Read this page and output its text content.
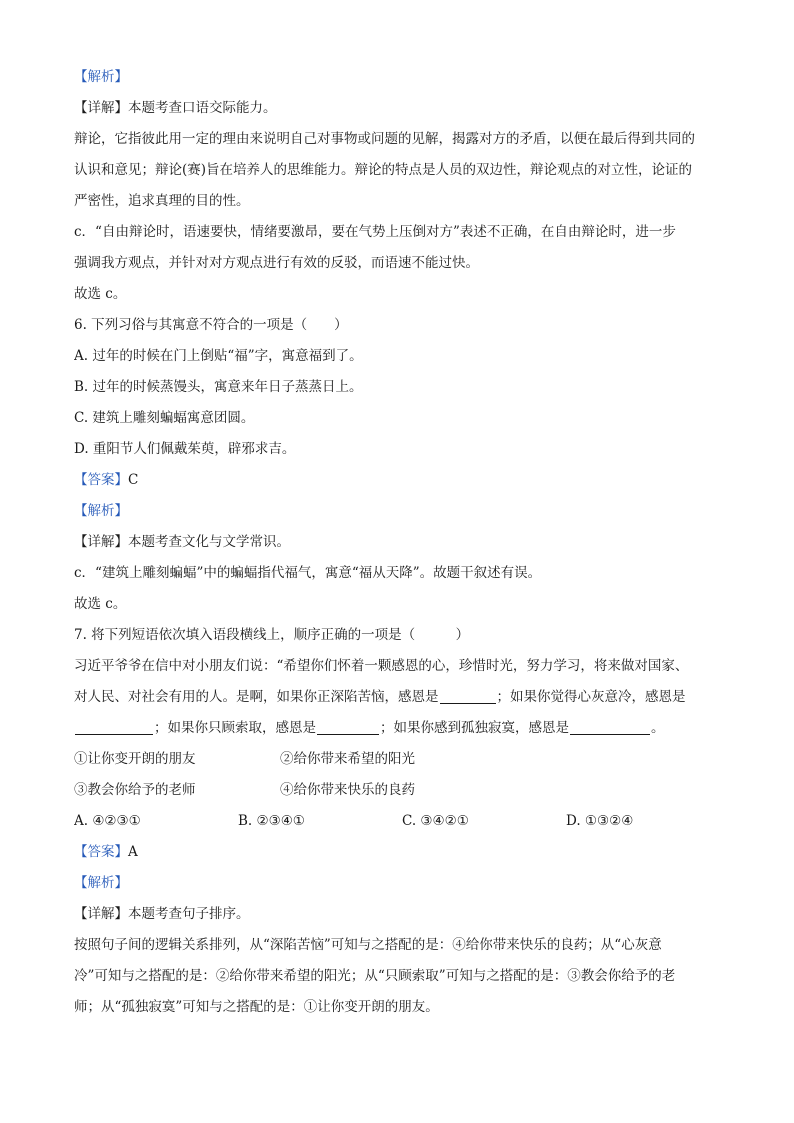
【解析】
【详解】本题考查口语交际能力。
辩论，它指彼此用一定的理由来说明自己对事物或问题的见解，揭露对方的矛盾，以便在最后得到共同的
认识和意见；辩论(赛)旨在培养人的思维能力。辩论的特点是人员的双边性，辩论观点的对立性，论证的
严密性，追求真理的目的性。
c．“自由辩论时，语速要快，情绪要激昂，要在气势上压倒对方”表述不正确，在自由辩论时，进一步
强调我方观点，并针对对方观点进行有效的反驳，而语速不能过快。
故选 c。
6. 下列习俗与其寓意不符合的一项是（　　）
A. 过年的时候在门上倒贴“福”字，寓意福到了。
B. 过年的时候蒸馒头，寓意来年日子蒸蒸日上。
C. 建筑上雕刻蝙蝠寓意团圆。
D. 重阳节人们佩戴茱萸，辟邪求吉。
【答案】C
【解析】
【详解】本题考查文化与文学常识。
c．“建筑上雕刻蝙蝠”中的蝙蝠指代福气，寓意“福从天降”。故题干叙述有误。
故选 c。
7. 将下列短语依次填入语段横线上，顺序正确的一项是（　　　）
习近平爷爷在信中对小朋友们说：“希望你们怀着一颗感恩的心，珍惜时光，努力学习，将来做对国家、
对人民、对社会有用的人。是啊，如果你正深陷苦恼，感恩是	；如果你觉得心灰意冷，感恩是
；如果你只顾索取，感恩是	；如果你感到孤独寂寞，感恩是	。
①让你变开朗的朋友	②给你带来希望的阳光
③教会你给予的老师	④给你带来快乐的良药
A. ④②③①	B. ②③④①	C. ③④②①	D. ①③②④
【答案】A
【解析】
【详解】本题考查句子排序。
按照句子间的逻辑关系排列，从“深陷苦恼”可知与之搭配的是：④给你带来快乐的良药；从“心灰意
冷”可知与之搭配的是：②给你带来希望的阳光；从“只顾索取”可知与之搭配的是：③教会你给予的老
师；从“孤独寂寞”可知与之搭配的是：①让你变开朗的朋友。
